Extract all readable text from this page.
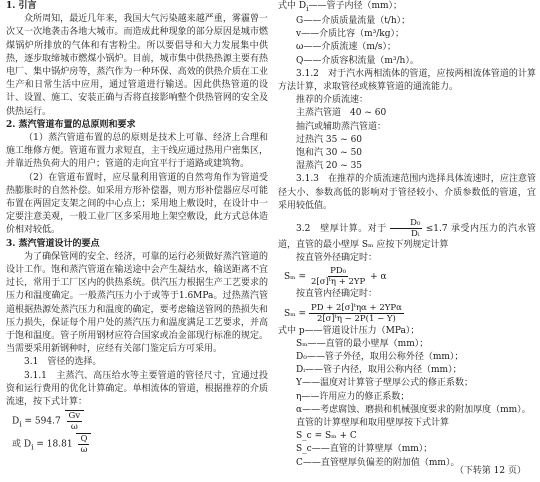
1. 引言

众所周知，最近几年来，我国大气污染越来越严重，雾霾曾一次又一次地袭击各地大城市。而造成此种现象的部分原因是城市燃煤锅炉所排放的气体和有害粉尘。所以要倡导和大力发展集中供热，逐步取缔城市燃煤小锅炉。目前，城市集中供热热源主要有热电厂、集中锅炉房等，蒸汽作为一种环保、高效的供热介质在工业生产和日常生活中应用，通过管道进行输送。因此供热管道的设计、设置、施工、安装正确与否将直接影响整个供热管网的安全及供热运行。

2. 蒸汽管道布置的总原则和要求

（1）蒸汽管道布置的总的原则是技术上可靠、经济上合理和施工维修方便。管道布置力求短直，主干线应通过热用户密集区，并靠近热负荷大的用户；管道的走向宜平行于道路或建筑物。

（2）在管道布置时，应尽量利用管道的自然弯角作为管道受热膨胀时的自然补偿。如采用方形补偿器，则方形补偿器应尽可能布置在两固定支架之间的中心点上；采用地上敷设时，在设计中一定要注意美观，一般工业厂区多采用地上架空敷设，此方式总体造价相对较低。

3. 蒸汽管道设计的要点

为了确保管网的安全、经济，可靠的运行必须做好蒸汽管道的设计工作。饱和蒸汽管道在输送途中会产生凝结水，输送距离不宜过长，常用于工厂区内的供热系统。供汽压力根据生产工艺要求的压力和温度确定。一般蒸汽压力小于或等于1.6MPa。过热蒸汽管道根据热源处蒸汽压力和温度的确定，要考虑输送管网的热损失和压力损失，保证每个用户处的蒸汽压力和温度满足工艺要求，并高于饱和温度。管子所用钢材应符合国家或冶金部现行标准的规定。当需要采用新钢种时，应经有关部门鉴定后方可采用。

3.1　管径的选择。

3.1.1　主蒸汽、高压给水等主要管道的管径尺寸，宜通过投资和运行费用的优化计算确定。单相流体的管道，根据推荐的介质流速，按下式计算：

$D_i = 594.7 \frac{Gv}{\omega}$
或 $D_i = 18.81 \frac{Q}{\omega}$

式中 $D_i——$管子内径（mm）；

G——介质质量流量（t/h）；

v——介质比容（m³/kg）；

ω——介质流速（m/s）；

Q——介质容积流量（m³/h）。

3.1.2　对于汽水两相流体的管道，应按两相流体管道的计算方法计算，求取管径或核算管道的通流能力。

推荐的介质流速：

主蒸汽管道　40 ~ 60

抽汽或辅助蒸汽管道：

过热汽 35 ~ 60

饱和汽 30 ~ 50

湿蒸汽 20 ~ 35

3.1.3　在推荐的介质流速范围内选择具体流速时，应注意管径大小、参数高低的影响对于管径较小、介质参数低的管道，宜采用较低值。

3.2　壁厚计算。对于 $\frac{\text{D₀}}{\text{Dᵢ}} \le 1.7$ 承受内压力的汽水管道，直管的最小壁厚 Sₘ 应按下列规定计算

按直管外径确定时：

$S_m = \frac{\text{PD₀}}{\text{2[σ]ᵗη + 2YP}} + \alpha$

按直管内径确定时：

$S_m = \frac{\text{PD + 2[σ]ᵗηα + 2YPα}}{\text{2[σ]ᵗη − 2P(1 − Y)}}$

式中 p——管道设计压力（MPa）；

Sₘ——直管的最小壁厚（mm）；

D₀——管子外径，取用公称外径（mm）；

Dᵢ——管子内径，取用公称内径（mm）；

Y——温度对计算管子壁厚公式的修正系数；

η——许用应力的修正系数；

α——考虑腐蚀、磨损和机械强度要求的附加厚度（mm）。

直管的计算壁厚和取用壁厚按下式计算

S_c = Sₘ + C

S_c——直管的计算壁厚（mm）；

C——直管壁厚负偏差的附加值（mm）。

（下转第 12 页）
